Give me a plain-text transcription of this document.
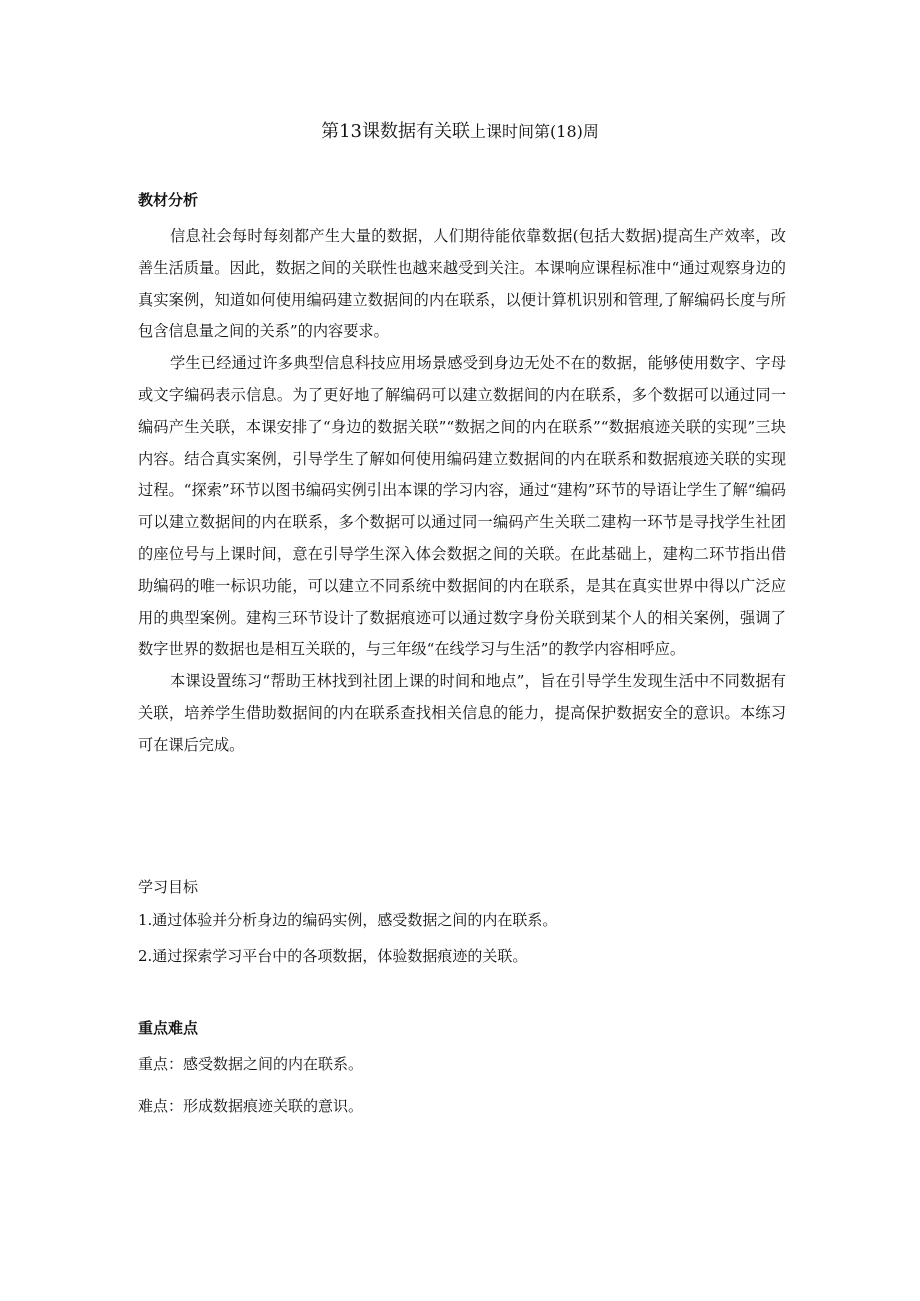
第13课数据有关联上课时间第(18)周
教材分析

信息社会每时每刻都产生大量的数据，人们期待能依靠数据(包括大数据)提高生产效率，改善生活质量。因此，数据之间的关联性也越来越受到关注。本课响应课程标准中“通过观察身边的真实案例，知道如何使用编码建立数据间的内在联系，以便计算机识别和管理,了解编码长度与所包含信息量之间的关系”的内容要求。

学生已经通过许多典型信息科技应用场景感受到身边无处不在的数据，能够使用数字、字母或文字编码表示信息。为了更好地了解编码可以建立数据间的内在联系，多个数据可以通过同一编码产生关联，本课安排了“身边的数据关联”“数据之间的内在联系”“数据痕迹关联的实现”三块内容。结合真实案例，引导学生了解如何使用编码建立数据间的内在联系和数据痕迹关联的实现过程。“探索”环节以图书编码实例引出本课的学习内容，通过“建构”环节的导语让学生了解“编码可以建立数据间的内在联系，多个数据可以通过同一编码产生关联二建构一环节是寻找学生社团的座位号与上课时间，意在引导学生深入体会数据之间的关联。在此基础上，建构二环节指出借助编码的唯一标识功能，可以建立不同系统中数据间的内在联系，是其在真实世界中得以广泛应用的典型案例。建构三环节设计了数据痕迹可以通过数字身份关联到某个人的相关案例，强调了数字世界的数据也是相互关联的，与三年级“在线学习与生活”的教学内容相呼应。

本课设置练习“帮助王林找到社团上课的时间和地点”，旨在引导学生发现生活中不同数据有关联，培养学生借助数据间的内在联系查找相关信息的能力，提高保护数据安全的意识。本练习可在课后完成。

学习目标
1.通过体验并分析身边的编码实例，感受数据之间的内在联系。
2.通过探索学习平台中的各项数据，体验数据痕迹的关联。
重点难点
重点：感受数据之间的内在联系。
难点：形成数据痕迹关联的意识。
